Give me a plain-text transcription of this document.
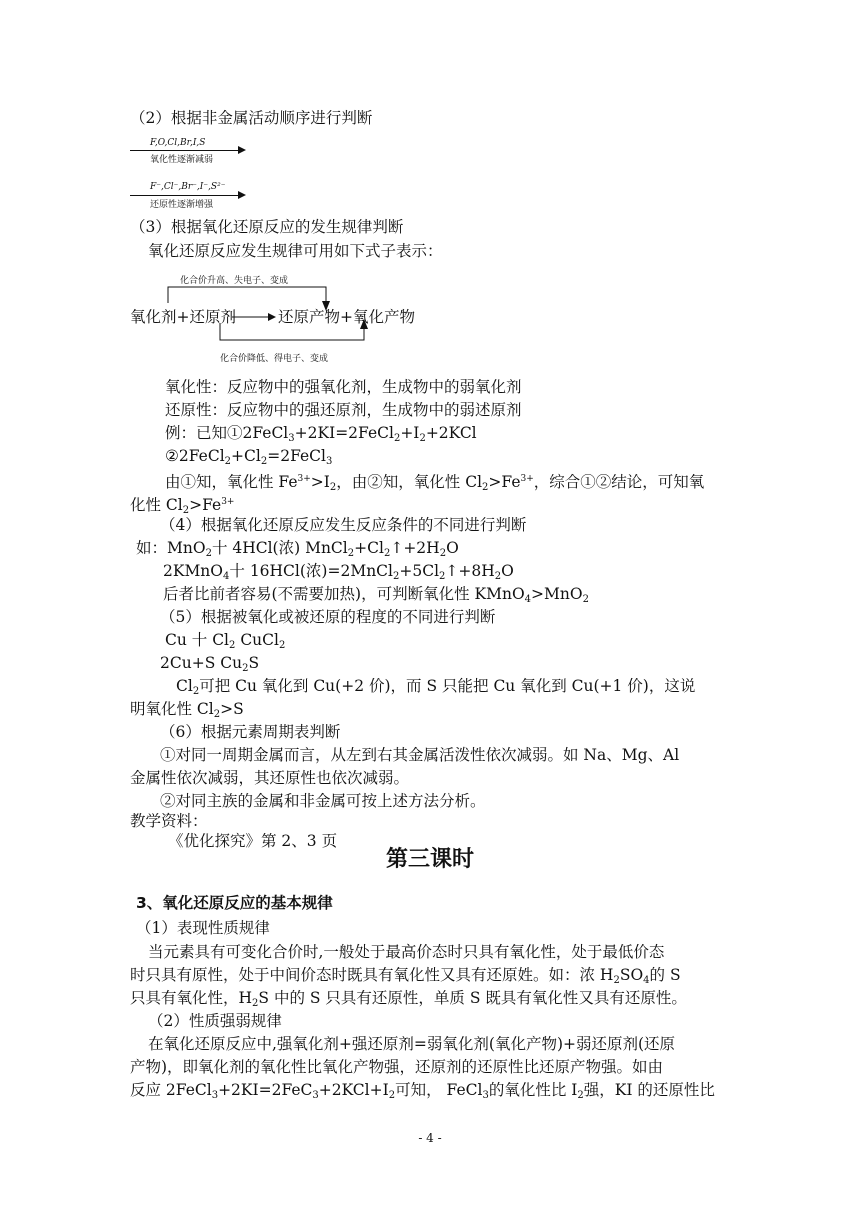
（2）根据非金属活动顺序进行判断
F,O,Cl,Br,I,S
氧化性逐渐减弱
F⁻,Cl⁻,Br⁻,I⁻,S²⁻
还原性逐渐增强
（3）根据氧化还原反应的发生规律判断
氧化还原反应发生规律可用如下式子表示：
化合价升高、失电子、变成
氧化剂+还原剂	还原产物+氧化产物
化合价降低、得电子、变成
氧化性：反应物中的强氧化剂，生成物中的弱氧化剂
还原性：反应物中的强还原剂，生成物中的弱述原剂
例：已知$①2FeCl_3+2KI=2FeCl_2+I_2+2KCl$
$②2FeCl_2+Cl_2=2FeCl_3$
由①知，氧化性 $Fe^{3+}>I_2$，由②知，氧化性 $Cl_2>Fe^{3+}$，综合①②结论，可知氧
化性 $Cl_2>Fe^{3+}$
（4）根据氧化还原反应发生反应条件的不同进行判断
如：MnO$_2$十 4HCl(浓) $MnCl_2+Cl_2↑+2H_2O$
2KMnO$_4$十 16HCl(浓)$=2MnCl_2+5Cl_2↑+8H_2O$
后者比前者容易(不需要加热)，可判断氧化性 KMnO$_4$>MnO$_2$
（5）根据被氧化或被还原的程度的不同进行判断
Cu 十 $Cl_2$ CuCl$_2$
2Cu+S $Cu_2S$
$Cl_2$可把 Cu 氧化到 Cu(+2 价)，而 S 只能把 Cu 氧化到 Cu(+1 价)，这说
明氧化性 $Cl_2>S$
（6）根据元素周期表判断
①对同一周期金属而言，从左到右其金属活泼性依次减弱。如 Na、Mg、Al
金属性依次减弱，其还原性也依次减弱。
②对同主族的金属和非金属可按上述方法分析。
教学资料：
《优化探究》第 2、3 页
第三课时
3、氧化还原反应的基本规律
（1）表现性质规律
当元素具有可变化合价时,一般处于最高价态时只具有氧化性，处于最低价态
时只具有原性，处于中间价态时既具有氧化性又具有还原姓。如：浓 $H_2SO_4$的 S
只具有氧化性，$H_2S$ 中的 S 只具有还原性，单质 S 既具有氧化性又具有还原性。
（2）性质强弱规律
在氧化还原反应中,强氧化剂+强还原剂=弱氧化剂(氧化产物)+弱还原剂(还原
产物)，即氧化剂的氧化性比氧化产物强，还原剂的还原性比还原产物强。如由
反应 $2FeCl_3+2KI=2FeC_3+2KCl+I_2$可知， FeCl$_3$的氧化性比 $I_2$强，KI 的还原性比
- 4 -
